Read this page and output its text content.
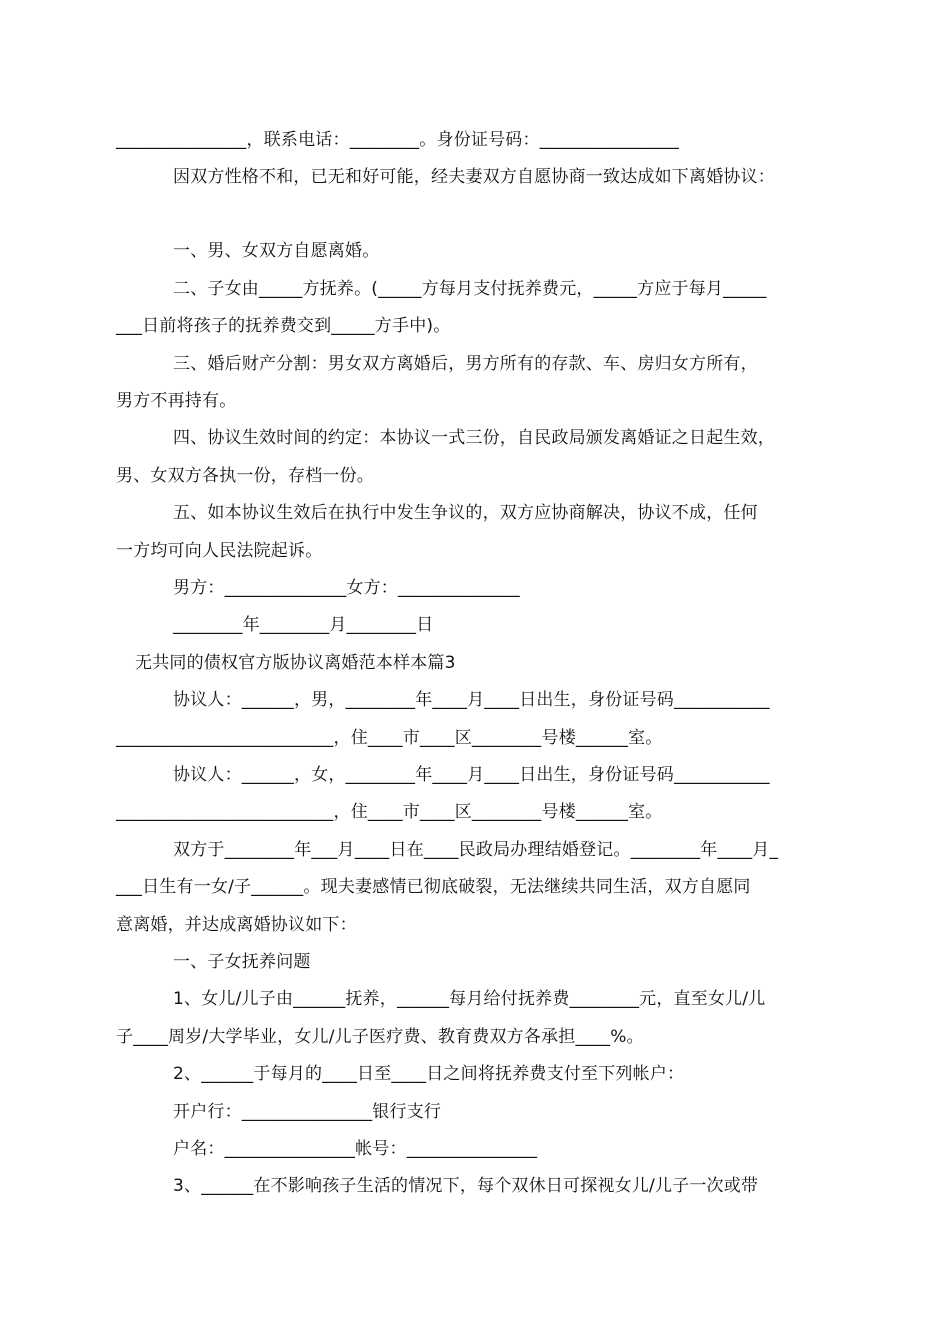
_______________，联系电话：________。身份证号码：________________
因双方性格不和，已无和好可能，经夫妻双方自愿协商一致达成如下离婚协议：
一、男、女双方自愿离婚。
二、子女由_____方抚养。(_____方每月支付抚养费元，_____方应于每月_____
___日前将孩子的抚养费交到_____方手中)。
三、婚后财产分割：男女双方离婚后，男方所有的存款、车、房归女方所有，
男方不再持有。
四、协议生效时间的约定：本协议一式三份，自民政局颁发离婚证之日起生效，
男、女双方各执一份，存档一份。
五、如本协议生效后在执行中发生争议的，双方应协商解决，协议不成，任何
一方均可向人民法院起诉。
男方：______________女方：______________
________年________月________日
无共同的债权官方版协议离婚范本样本篇3
协议人：______，男，________年____月____日出生，身份证号码___________
_________________________，住____市____区________号楼______室。
协议人：______，女，________年____月____日出生，身份证号码___________
_________________________，住____市____区________号楼______室。
双方于________年___月____日在____民政局办理结婚登记。________年____月_
___日生有一女/子______。现夫妻感情已彻底破裂，无法继续共同生活，双方自愿同
意离婚，并达成离婚协议如下：
一、子女抚养问题
1、女儿/儿子由______抚养，______每月给付抚养费________元，直至女儿/儿
子____周岁/大学毕业，女儿/儿子医疗费、教育费双方各承担____%。
2、______于每月的____日至____日之间将抚养费支付至下列帐户：
开户行：_______________银行支行
户名：_______________帐号：_______________
3、______在不影响孩子生活的情况下，每个双休日可探视女儿/儿子一次或带
